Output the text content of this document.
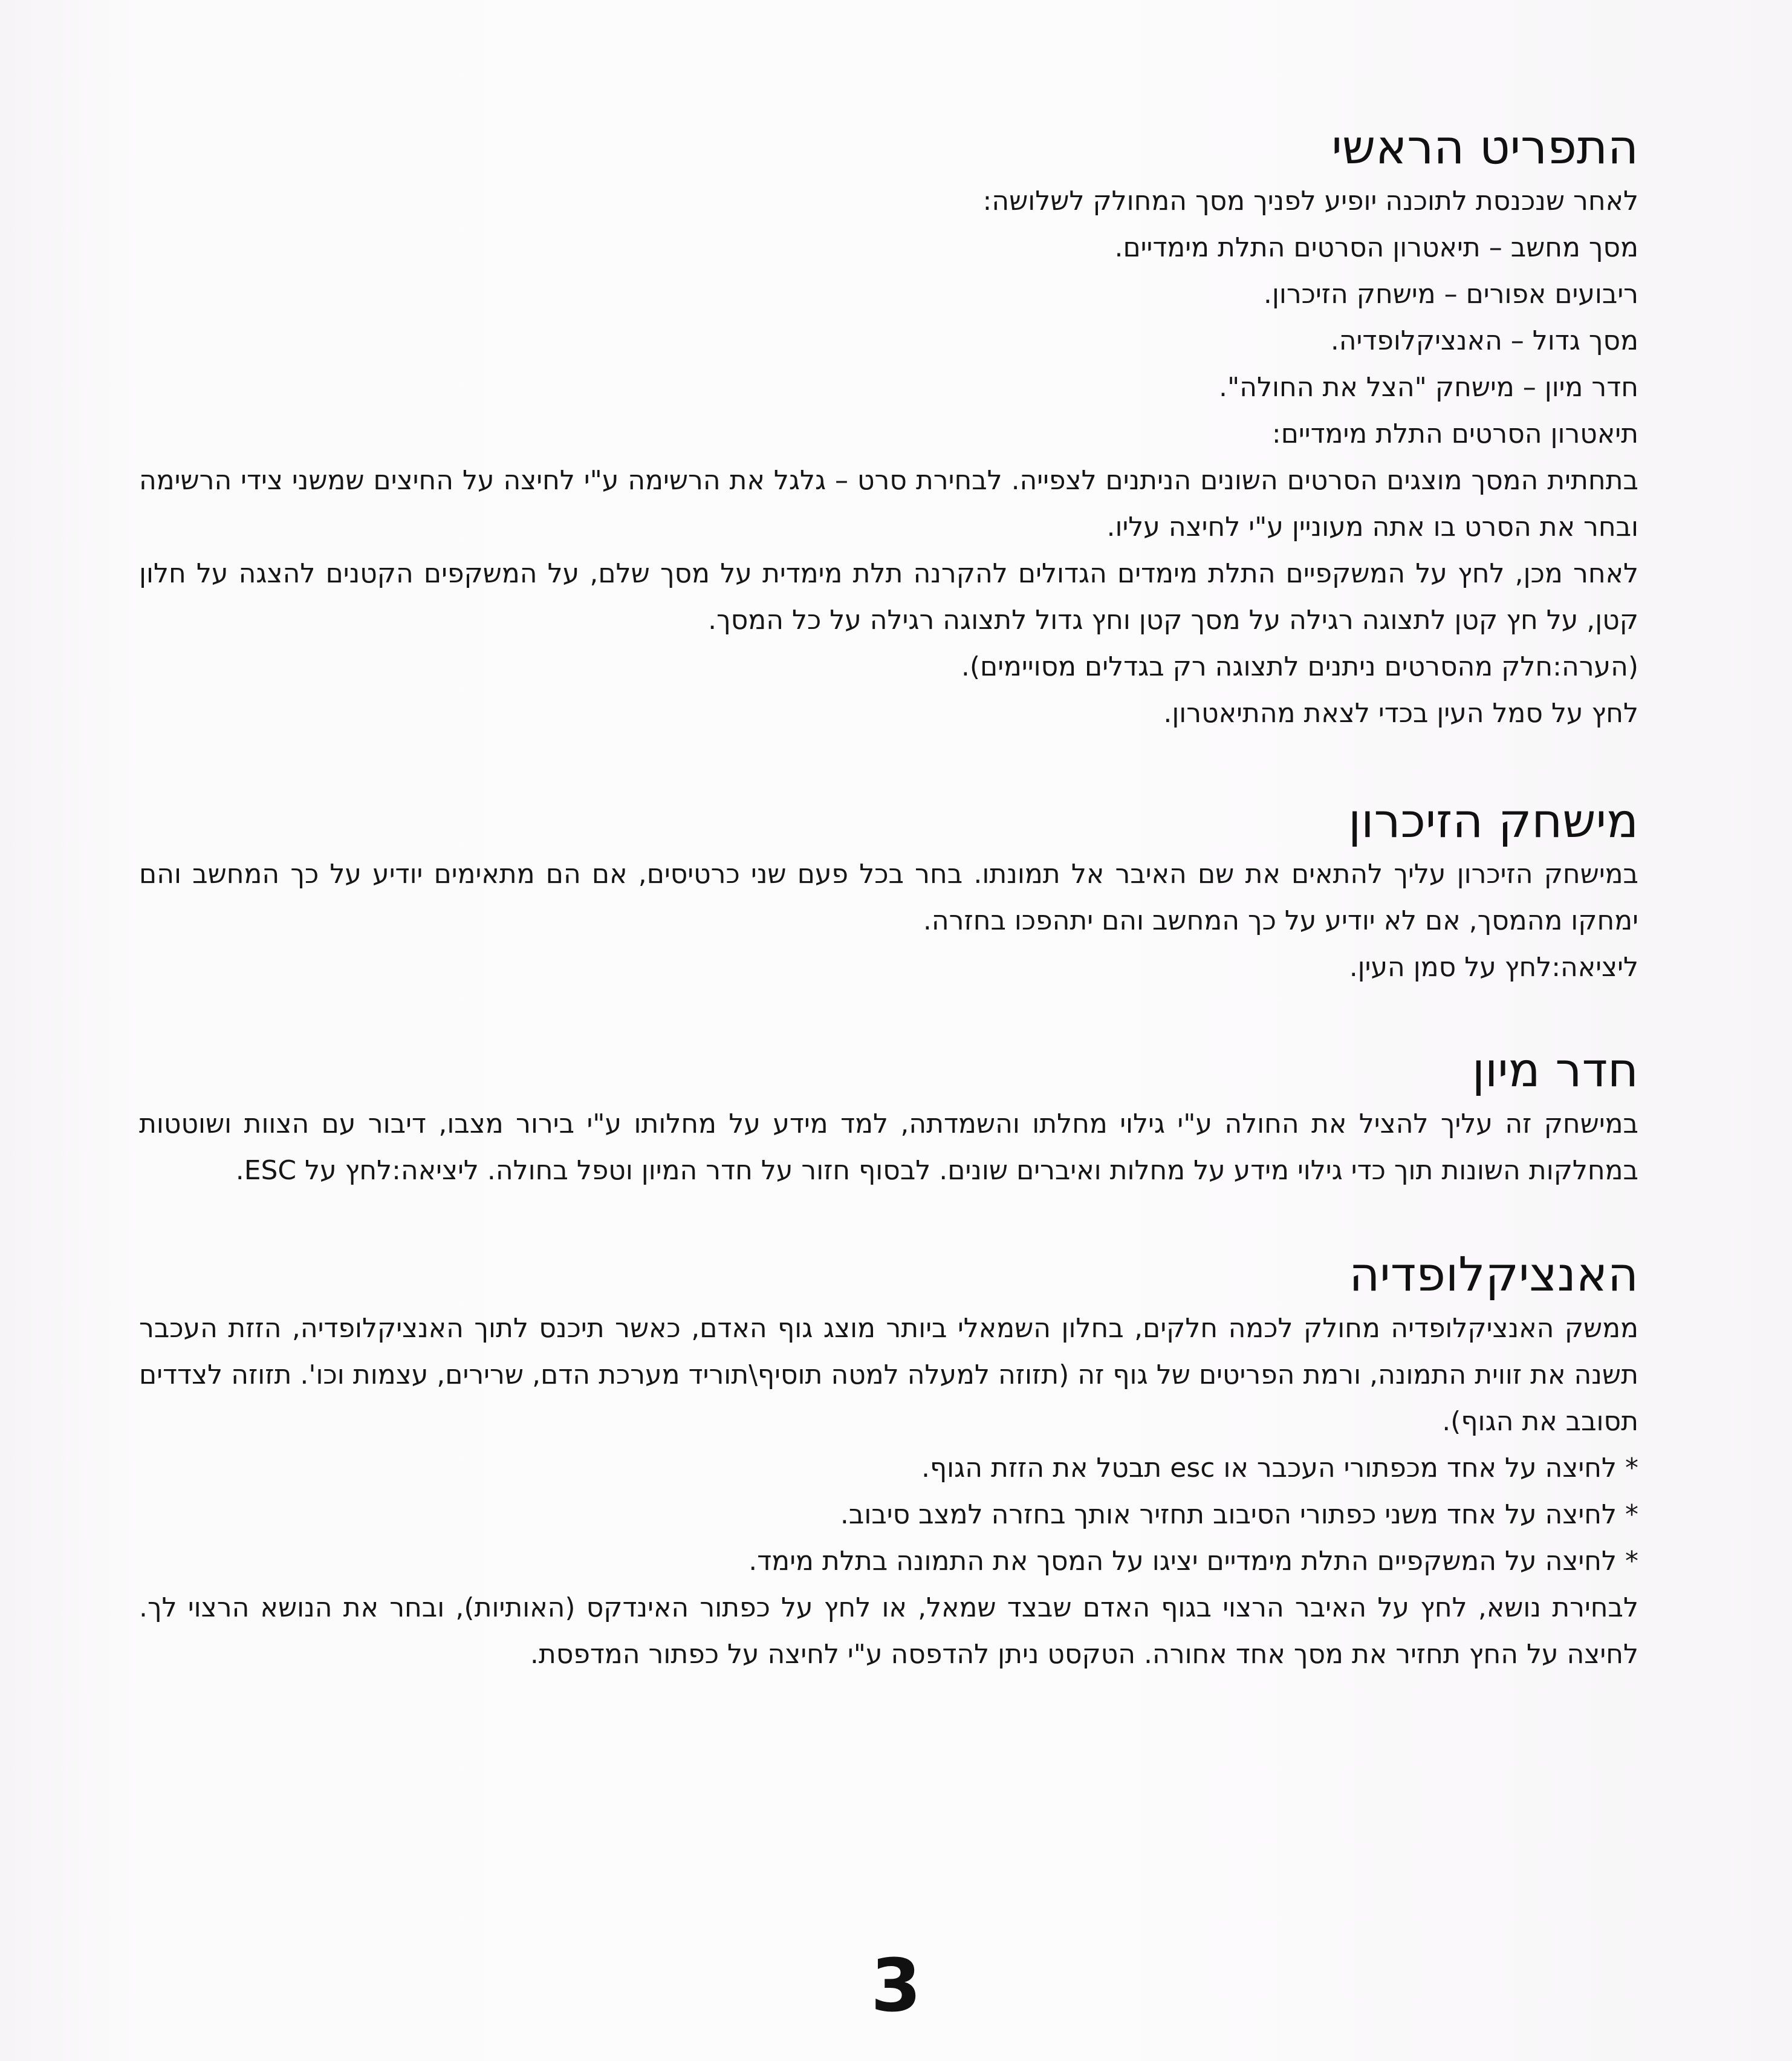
התפריט הראשי

לאחר שנכנסת לתוכנה יופיע לפניך מסך המחולק לשלושה:

מסך מחשב – תיאטרון הסרטים התלת מימדיים.

ריבועים אפורים – מישחק הזיכרון.

מסך גדול – האנציקלופדיה.

חדר מיון – מישחק "הצל את החולה".

תיאטרון הסרטים התלת מימדיים:

בתחתית המסך מוצגים הסרטים השונים הניתנים לצפייה. לבחירת סרט – גלגל את הרשימה ע"י לחיצה על החיצים שמשני צידי הרשימה ובחר את הסרט בו אתה מעוניין ע"י לחיצה עליו.

לאחר מכן, לחץ על המשקפיים התלת מימדים הגדולים להקרנה תלת מימדית על מסך שלם, על המשקפים הקטנים להצגה על חלון קטן, על חץ קטן לתצוגה רגילה על מסך קטן וחץ גדול לתצוגה רגילה על כל המסך.

(הערה:חלק מהסרטים ניתנים לתצוגה רק בגדלים מסויימים).

לחץ על סמל העין בכדי לצאת מהתיאטרון.

מישחק הזיכרון

במישחק הזיכרון עליך להתאים את שם האיבר אל תמונתו. בחר בכל פעם שני כרטיסים, אם הם מתאימים יודיע על כך המחשב והם ימחקו מהמסך, אם לא יודיע על כך המחשב והם יתהפכו בחזרה.

ליציאה:לחץ על סמן העין.

חדר מיון

במישחק זה עליך להציל את החולה ע"י גילוי מחלתו והשמדתה, למד מידע על מחלותו ע"י בירור מצבו, דיבור עם הצוות ושוטטות במחלקות השונות תוך כדי גילוי מידע על מחלות ואיברים שונים. לבסוף חזור על חדר המיון וטפל בחולה. ליציאה:לחץ על ESC.

האנציקלופדיה

ממשק האנציקלופדיה מחולק לכמה חלקים, בחלון השמאלי ביותר מוצג גוף האדם, כאשר תיכנס לתוך האנציקלופדיה, הזזת העכבר תשנה את זווית התמונה, ורמת הפריטים של גוף זה (תזוזה למעלה למטה תוסיף\תוריד מערכת הדם, שרירים, עצמות וכו'. תזוזה לצדדים תסובב את הגוף).

* לחיצה על אחד מכפתורי העכבר או esc תבטל את הזזת הגוף.

* לחיצה על אחד משני כפתורי הסיבוב תחזיר אותך בחזרה למצב סיבוב.

* לחיצה על המשקפיים התלת מימדיים יציגו על המסך את התמונה בתלת מימד.

לבחירת נושא, לחץ על האיבר הרצוי בגוף האדם שבצד שמאל, או לחץ על כפתור האינדקס (האותיות), ובחר את הנושא הרצוי לך. לחיצה על החץ תחזיר את מסך אחד אחורה. הטקסט ניתן להדפסה ע"י לחיצה על כפתור המדפסת.

3
